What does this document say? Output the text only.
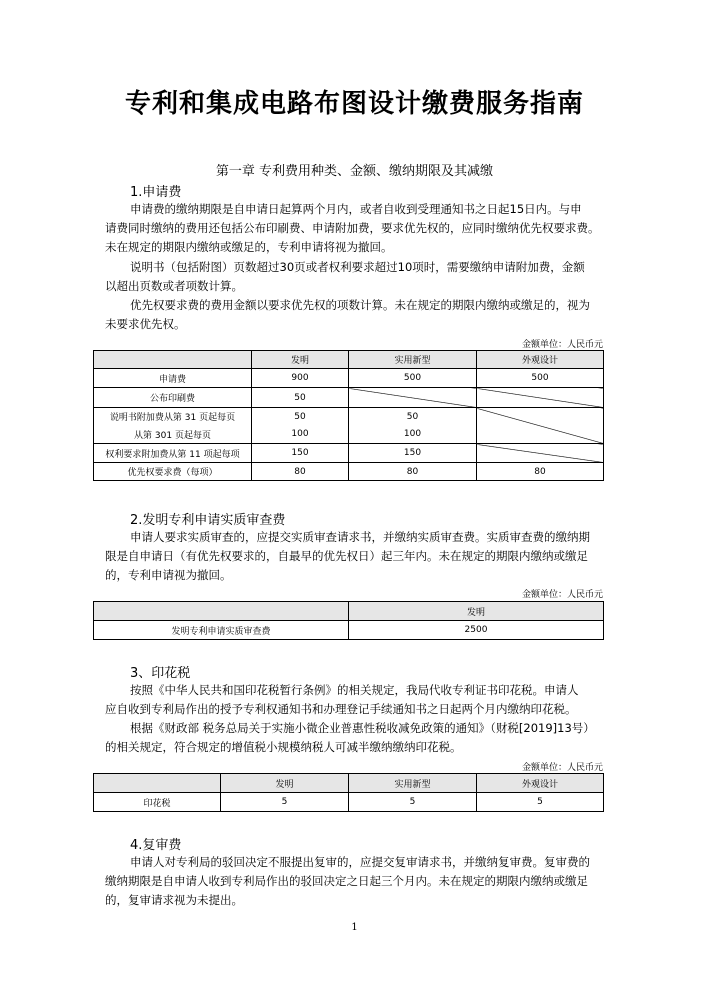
专利和集成电路布图设计缴费服务指南
第一章 专利费用种类、金额、缴纳期限及其减缴
1.申请费
申请费的缴纳期限是自申请日起算两个月内，或者自收到受理通知书之日起15日内。与申
请费同时缴纳的费用还包括公布印刷费、申请附加费，要求优先权的，应同时缴纳优先权要求费。
未在规定的期限内缴纳或缴足的，专利申请将视为撤回。
说明书（包括附图）页数超过30页或者权利要求超过10项时，需要缴纳申请附加费，金额
以超出页数或者项数计算。
优先权要求费的费用金额以要求优先权的项数计算。未在规定的期限内缴纳或缴足的，视为
未要求优先权。
金额单位：人民币元
	发明	实用新型	外观设计
申请费	900	500	500
公布印刷费	50		
说明书附加费从第 31 页起每页	50	50	
从第 301 页起每页	100	100	
权利要求附加费从第 11 项起每项	150	150	
优先权要求费（每项）	80	80	80
2.发明专利申请实质审查费
申请人要求实质审查的，应提交实质审查请求书，并缴纳实质审查费。实质审查费的缴纳期
限是自申请日（有优先权要求的，自最早的优先权日）起三年内。未在规定的期限内缴纳或缴足
的，专利申请视为撤回。
金额单位：人民币元
	发明
发明专利申请实质审查费	2500
3、印花税
按照《中华人民共和国印花税暂行条例》的相关规定，我局代收专利证书印花税。申请人
应自收到专利局作出的授予专利权通知书和办理登记手续通知书之日起两个月内缴纳印花税。
根据《财政部 税务总局关于实施小微企业普惠性税收减免政策的通知》（财税[2019]13号）
的相关规定，符合规定的增值税小规模纳税人可减半缴纳缴纳印花税。
金额单位：人民币元
	发明	实用新型	外观设计
印花税	5	5	5
4.复审费
申请人对专利局的驳回决定不服提出复审的，应提交复审请求书，并缴纳复审费。复审费的
缴纳期限是自申请人收到专利局作出的驳回决定之日起三个月内。未在规定的期限内缴纳或缴足
的，复审请求视为未提出。
1
